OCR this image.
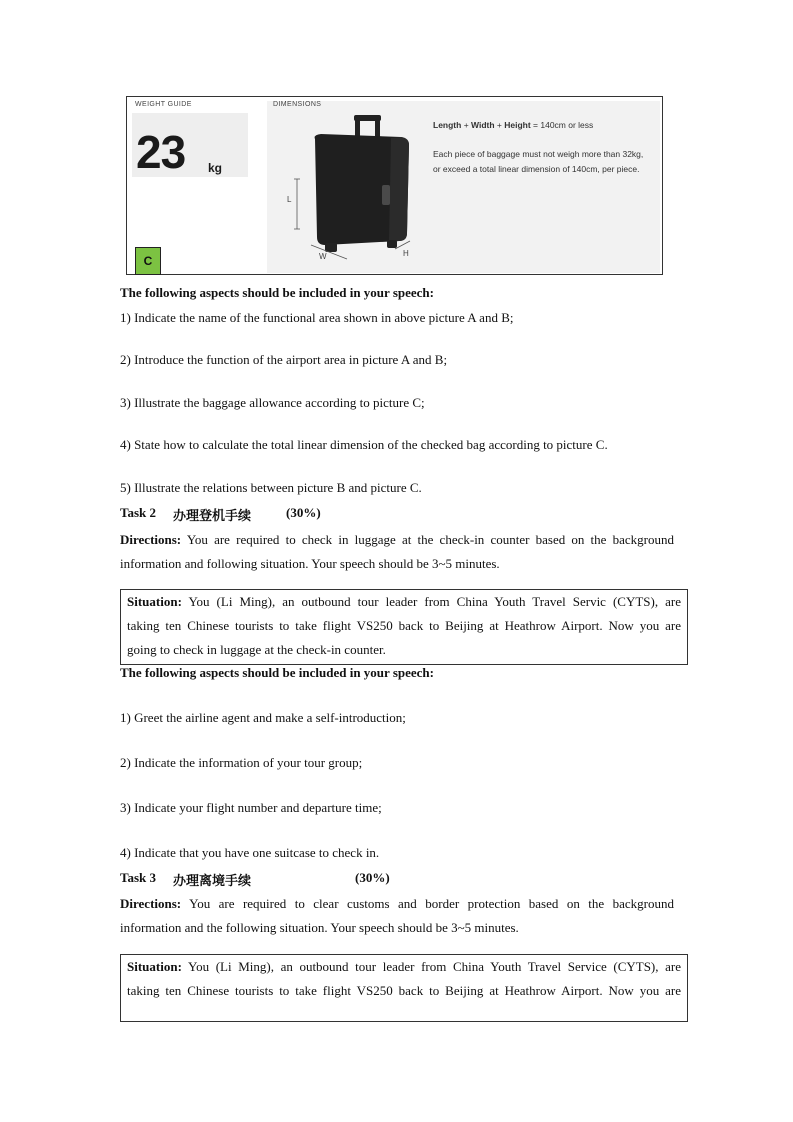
WEIGHT GUIDE
23 kg
C
DIMENSIONS
L
W	H
Length + Width + Height = 140cm or less
Each piece of baggage must not weigh more than 32kg, or exceed a total linear dimension of 140cm, per piece.
The following aspects should be included in your speech:
1) Indicate the name of the functional area shown in above picture A and B;
2) Introduce the function of the airport area in picture A and B;
3) Illustrate the baggage allowance according to picture C;
4) State how to calculate the total linear dimension of the checked bag according to picture C.
5) Illustrate the relations between picture B and picture C.
Task 2 办理登机手续	(30%)
Directions: You are required to check in luggage at the check-in counter based on the background
information and following situation. Your speech should be 3~5 minutes.
Situation: You (Li Ming), an outbound tour leader from China Youth Travel Servic (CYTS), are
taking ten Chinese tourists to take flight VS250 back to Beijing at Heathrow Airport. Now you are
going to check in luggage at the check-in counter.
The following aspects should be included in your speech:
1) Greet the airline agent and make a self-introduction;
2) Indicate the information of your tour group;
3) Indicate your flight number and departure time;
4) Indicate that you have one suitcase to check in.
Task 3 办理离境手续	(30%)
Directions: You are required to clear customs and border protection based on the background
information and the following situation. Your speech should be 3~5 minutes.
Situation: You (Li Ming), an outbound tour leader from China Youth Travel Service (CYTS), are
taking ten Chinese tourists to take flight VS250 back to Beijing at Heathrow Airport. Now you are
